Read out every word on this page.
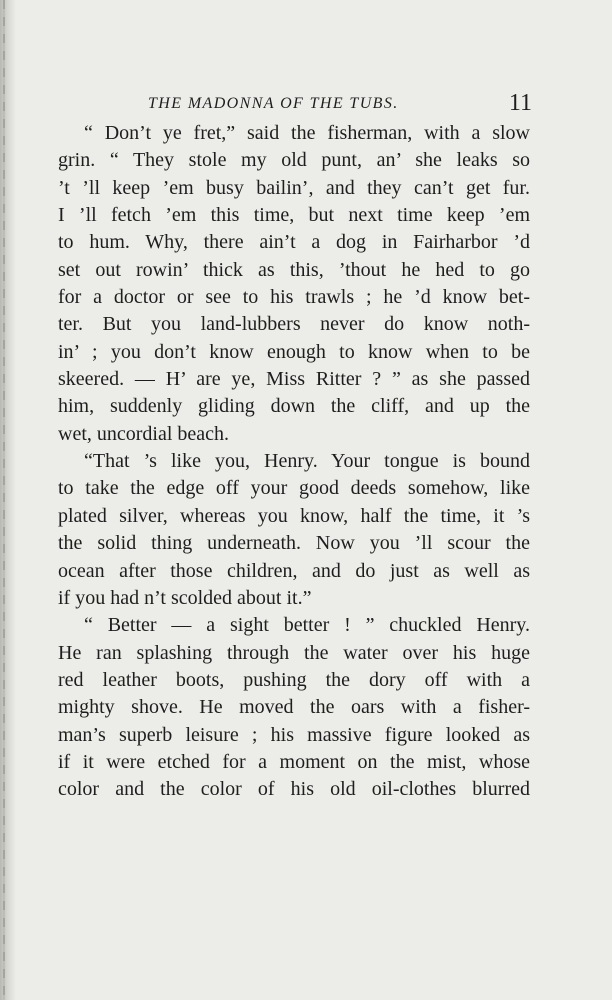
THE MADONNA OF THE TUBS.	11
“ Don’t ye fret,” said the fisherman, with a slow
grin. “ They stole my old punt, an’ she leaks so
’t ’ll keep ’em busy bailin’, and they can’t get fur.
I ’ll fetch ’em this time, but next time keep ’em
to hum. Why, there ain’t a dog in Fairharbor ’d
set out rowin’ thick as this, ’thout he hed to go
for a doctor or see to his trawls ; he ’d know bet-
ter. But you land-lubbers never do know noth-
in’ ; you don’t know enough to know when to be
skeered. — H’ are ye, Miss Ritter ? ” as she passed
him, suddenly gliding down the cliff, and up the
wet, uncordial beach.
“That ’s like you, Henry. Your tongue is bound
to take the edge off your good deeds somehow, like
plated silver, whereas you know, half the time, it ’s
the solid thing underneath. Now you ’ll scour the
ocean after those children, and do just as well as
if you had n’t scolded about it.”
“ Better — a sight better ! ” chuckled Henry.
He ran splashing through the water over his huge
red leather boots, pushing the dory off with a
mighty shove. He moved the oars with a fisher-
man’s superb leisure ; his massive figure looked as
if it were etched for a moment on the mist, whose
color and the color of his old oil-clothes blurred
